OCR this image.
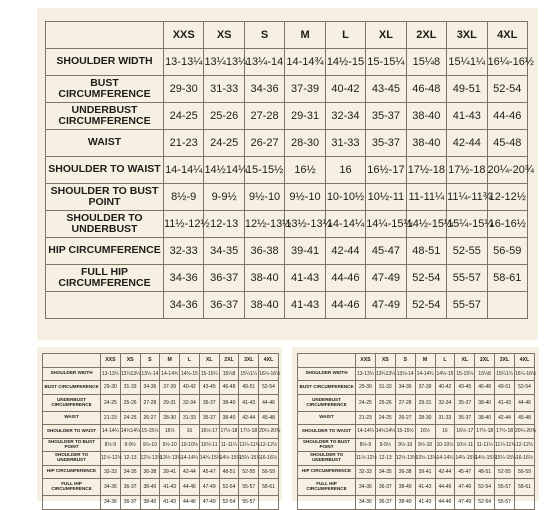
	XXS	XS	S	M	L	XL	2XL	3XL	4XL
SHOULDER WIDTH	13-13¼	13¼13¼	13¼-14	14-14¾	14½-15	15-15¼	15¼8	15¼1¼	16¼-16½
BUST CIRCUMFERENCE	29-30	31-33	34-36	37-39	40-42	43-45	46-48	49-51	52-54
UNDERBUST CIRCUMFERENCE	24-25	25-26	27-28	29-31	32-34	35-37	38-40	41-43	44-46
WAIST	21-23	24-25	26-27	28-30	31-33	35-37	38-40	42-44	45-48
SHOULDER TO WAIST	14-14¼	14½14¼	15-15½	16½	16	16½-17	17½-18	17½-18	20¼-20¾
SHOULDER TO BUST POINT	8½-9	9-9½	9½-10	9½-10	10-10½	10½-11	11-11¼	11¼-11¾	12-12½
SHOULDER TO UNDERBUST	11½-12½	12-13	12½-13½	13½-13¼	14-14¼	14¼-15¼	14½-15¼	15¼-15¼	16-16½
HIP CIRCUMFERENCE	32-33	34-35	36-38	39-41	42-44	45-47	48-51	52-55	56-59
FULL HIP CIRCUMFERENCE	34-36	36-37	38-40	41-43	44-46	47-49	52-54	55-57	58-61
	34-36	36-37	38-40	41-43	44-46	47-49	52-54	55-57	
	XXS	XS	S	M	L	XL	2XL	3XL	4XL
SHOULDER WIDTH	13-13¼	13¼13¼	13¼-14	14-14¾	14½-15	15-15¼	15¼8	15¼1¼	16¼-16½
BUST CIRCUMFERENCE	29-30	31-33	34-36	37-39	40-42	43-45	46-48	49-51	52-54
UNDERBUST CIRCUMFERENCE	24-25	25-26	27-28	29-31	32-34	35-37	38-40	41-43	44-46
WAIST	21-23	24-25	26-27	28-30	31-33	35-37	38-40	42-44	45-48
SHOULDER TO WAIST	14-14¼	14½14¼	15-15½	16½	16	16½-17	17½-18	17½-18	20¼-20¾
SHOULDER TO BUST POINT	8½-9	9-9½	9½-10	9½-10	10-10½	10½-11	11-11¼	11¼-11¾	12-12½
SHOULDER TO UNDERBUST	11½-12½	12-13	12½-13½	13½-13¼	14-14¼	14¼-15¼	14½-15¼	15¼-15¼	16-16½
HIP CIRCUMFERENCE	32-33	34-35	36-38	39-41	42-44	45-47	48-51	52-55	56-59
FULL HIP CIRCUMFERENCE	34-36	36-37	38-40	41-43	44-46	47-49	52-54	55-57	58-61
	34-36	36-37	38-40	41-43	44-46	47-49	52-54	55-57	
	XXS	XS	S	M	L	XL	2XL	3XL	4XL
SHOULDER WIDTH	13-13¼	13¼13¼	13¼-14	14-14¾	14½-15	15-15¼	15¼8	15¼1¼	16¼-16½
BUST CIRCUMFERENCE	29-30	31-33	34-36	37-39	40-42	43-45	46-48	49-51	52-54
UNDERBUST CIRCUMFERENCE	24-25	25-26	27-28	29-31	32-34	35-37	38-40	41-43	44-46
WAIST	21-23	24-25	26-27	28-30	31-33	35-37	38-40	42-44	45-48
SHOULDER TO WAIST	14-14¼	14½14¼	15-15½	16½	16	16½-17	17½-18	17½-18	20¼-20¾
SHOULDER TO BUST POINT	8½-9	9-9½	9½-10	9½-10	10-10½	10½-11	11-11¼	11¼-11¾	12-12½
SHOULDER TO UNDERBUST	11½-12½	12-13	12½-13½	13½-13¼	14-14¼	14¼-15¼	14½-15¼	15¼-15¼	16-16½
HIP CIRCUMFERENCE	32-33	34-35	36-38	39-41	42-44	45-47	48-51	52-55	56-59
FULL HIP CIRCUMFERENCE	34-36	36-37	38-40	41-43	44-46	47-49	52-54	55-57	58-61
	34-36	36-37	38-40	41-43	44-46	47-49	52-54	55-57	
